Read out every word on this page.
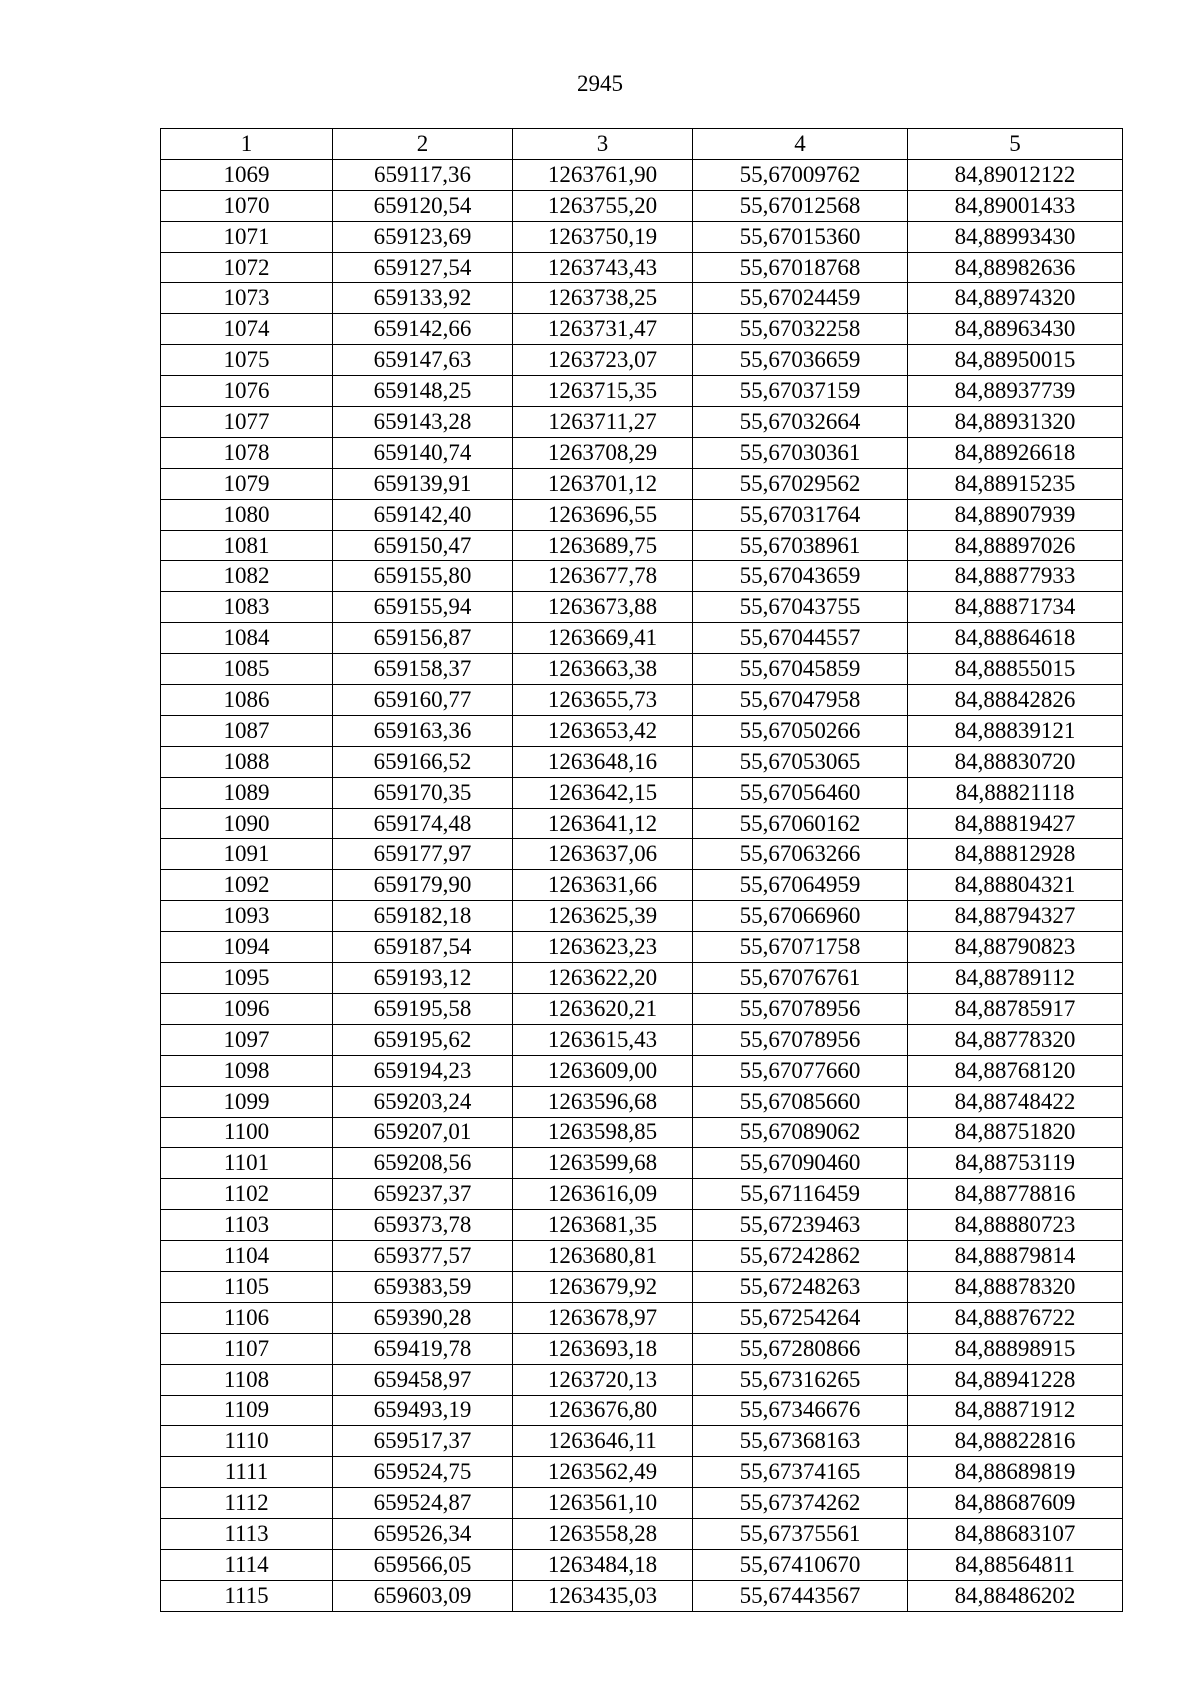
2945
1	2	3	4	5
1069	659117,36	1263761,90	55,67009762	84,89012122
1070	659120,54	1263755,20	55,67012568	84,89001433
1071	659123,69	1263750,19	55,67015360	84,88993430
1072	659127,54	1263743,43	55,67018768	84,88982636
1073	659133,92	1263738,25	55,67024459	84,88974320
1074	659142,66	1263731,47	55,67032258	84,88963430
1075	659147,63	1263723,07	55,67036659	84,88950015
1076	659148,25	1263715,35	55,67037159	84,88937739
1077	659143,28	1263711,27	55,67032664	84,88931320
1078	659140,74	1263708,29	55,67030361	84,88926618
1079	659139,91	1263701,12	55,67029562	84,88915235
1080	659142,40	1263696,55	55,67031764	84,88907939
1081	659150,47	1263689,75	55,67038961	84,88897026
1082	659155,80	1263677,78	55,67043659	84,88877933
1083	659155,94	1263673,88	55,67043755	84,88871734
1084	659156,87	1263669,41	55,67044557	84,88864618
1085	659158,37	1263663,38	55,67045859	84,88855015
1086	659160,77	1263655,73	55,67047958	84,88842826
1087	659163,36	1263653,42	55,67050266	84,88839121
1088	659166,52	1263648,16	55,67053065	84,88830720
1089	659170,35	1263642,15	55,67056460	84,88821118
1090	659174,48	1263641,12	55,67060162	84,88819427
1091	659177,97	1263637,06	55,67063266	84,88812928
1092	659179,90	1263631,66	55,67064959	84,88804321
1093	659182,18	1263625,39	55,67066960	84,88794327
1094	659187,54	1263623,23	55,67071758	84,88790823
1095	659193,12	1263622,20	55,67076761	84,88789112
1096	659195,58	1263620,21	55,67078956	84,88785917
1097	659195,62	1263615,43	55,67078956	84,88778320
1098	659194,23	1263609,00	55,67077660	84,88768120
1099	659203,24	1263596,68	55,67085660	84,88748422
1100	659207,01	1263598,85	55,67089062	84,88751820
1101	659208,56	1263599,68	55,67090460	84,88753119
1102	659237,37	1263616,09	55,67116459	84,88778816
1103	659373,78	1263681,35	55,67239463	84,88880723
1104	659377,57	1263680,81	55,67242862	84,88879814
1105	659383,59	1263679,92	55,67248263	84,88878320
1106	659390,28	1263678,97	55,67254264	84,88876722
1107	659419,78	1263693,18	55,67280866	84,88898915
1108	659458,97	1263720,13	55,67316265	84,88941228
1109	659493,19	1263676,80	55,67346676	84,88871912
1110	659517,37	1263646,11	55,67368163	84,88822816
1111	659524,75	1263562,49	55,67374165	84,88689819
1112	659524,87	1263561,10	55,67374262	84,88687609
1113	659526,34	1263558,28	55,67375561	84,88683107
1114	659566,05	1263484,18	55,67410670	84,88564811
1115	659603,09	1263435,03	55,67443567	84,88486202
